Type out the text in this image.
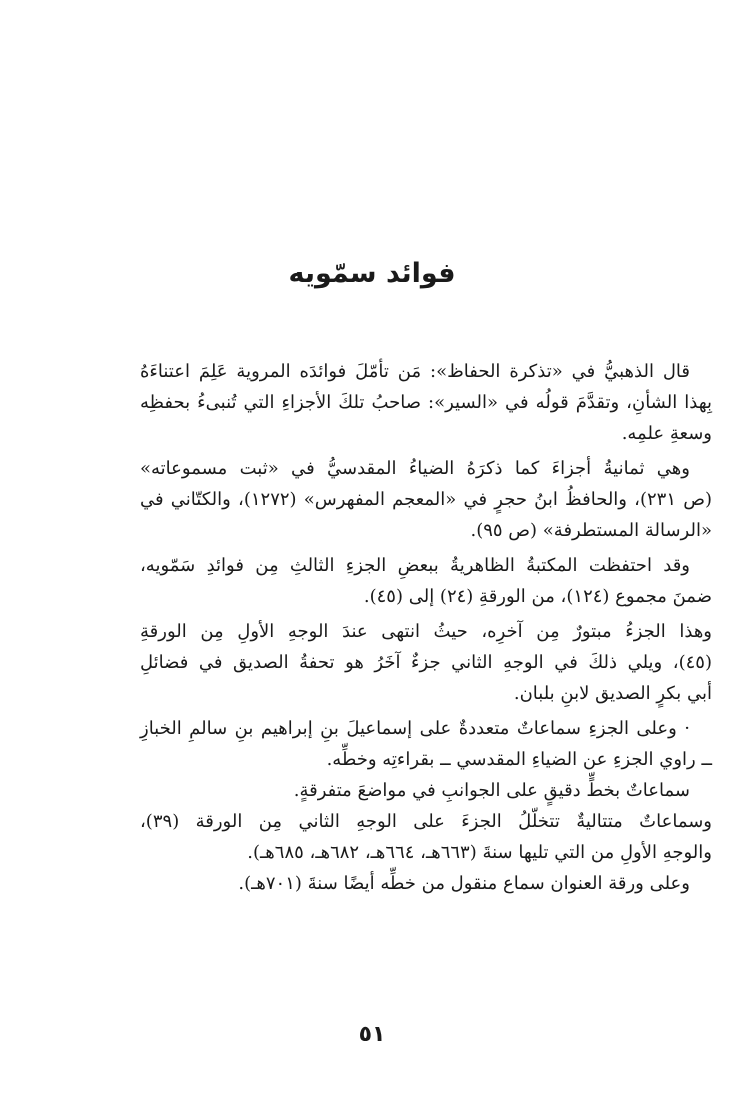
فوائد سمّويه
قال الذهبيُّ في «تذكرة الحفاظ»: مَن تأمّلَ فوائدَه المروية عَلِمَ اعتناءَهُ
بِهذا الشأنِ، وتقدَّمَ قولُه في «السير»: صاحبُ تلكَ الأجزاءِ التي تُنبىءُ بحفظِه
وسعةِ علمِه.
وهي ثمانيةُ أجزاءَ كما ذكرَهُ الضياءُ المقدسيُّ في «ثبت مسموعاته»
(ص ٢٣١)، والحافظُ ابنُ حجرٍ في «المعجم المفهرس» (١٢٧٢)، والكتّاني في
«الرسالة المستطرفة» (ص ٩٥).
وقد احتفظت المكتبةُ الظاهريةُ ببعضِ الجزءِ الثالثِ مِن فوائدِ سَمّويه،
ضمنَ مجموع (١٢٤)، من الورقةِ (٢٤) إلى (٤٥).
وهذا الجزءُ مبتورٌ مِن آخرِه، حيثُ انتهى عندَ الوجهِ الأولِ مِن الورقةِ
(٤٥)، ويلي ذلكَ في الوجهِ الثاني جزءٌ آخَرُ هو تحفةُ الصديق في فضائلِ
أبي بكرٍ الصديق لابنِ بلبان.
· وعلى الجزءِ سماعاتٌ متعددةٌ على إسماعيلَ بنِ إبراهيم بنِ سالمِ الخبازِ
ــ راوي الجزءِ عن الضياءِ المقدسي ــ بقراءتِه وخطِّه.
سماعاتٌ بخطٍّ دقيقٍ على الجوانبِ في مواضعَ متفرقةٍ.
وسماعاتٌ متتاليةٌ تتخلّلُ الجزءَ على الوجهِ الثاني مِن الورقة (٣٩)،
والوجهِ الأولِ من التي تليها سنةَ (٦٦٣هـ، ٦٦٤هـ، ٦٨٢هـ، ٦٨٥هـ).
وعلى ورقة العنوان سماع منقول من خطِّه أيضًا سنةَ (٧٠١هـ).
٥١
